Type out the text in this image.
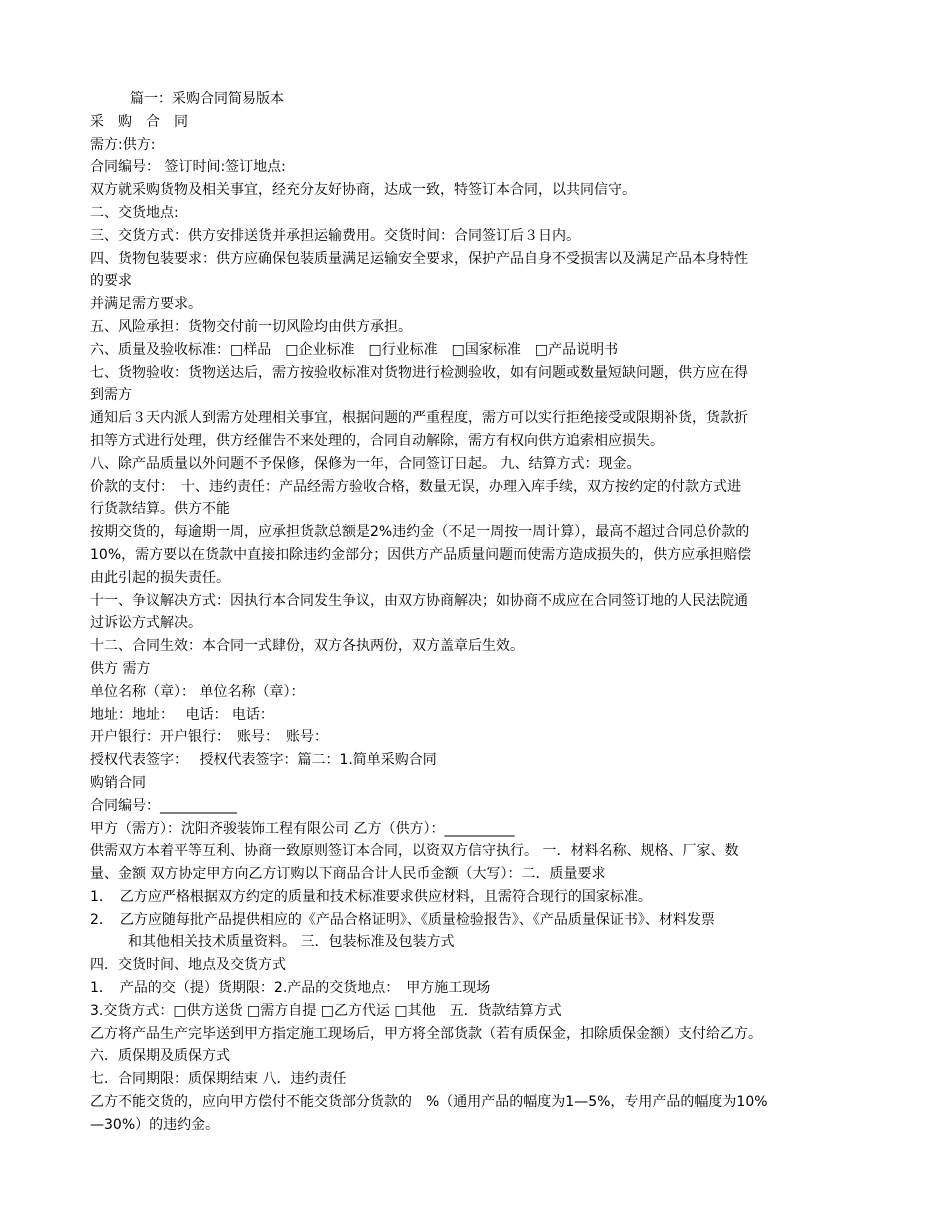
篇一：采购合同简易版本
采　购　合　同
需方:供方:
合同编号： 签订时间:签订地点:
双方就采购货物及相关事宜，经充分友好协商，达成一致，特签订本合同，以共同信守。
二、交货地点:
三、交货方式：供方安排送货并承担运输费用。交货时间：合同签订后３日内。
四、货物包装要求：供方应确保包装质量满足运输安全要求，保护产品自身不受损害以及满足产品本身特性
的要求
并满足需方要求。
五、风险承担：货物交付前一切风险均由供方承担。
六、质量及验收标准：□样品　□企业标准　□行业标准　□国家标准　□产品说明书
七、货物验收：货物送达后，需方按验收标准对货物进行检测验收，如有问题或数量短缺问题，供方应在得
到需方
通知后３天内派人到需方处理相关事宜，根据问题的严重程度，需方可以实行拒绝接受或限期补货，货款折
扣等方式进行处理，供方经催告不来处理的，合同自动解除，需方有权向供方追索相应损失。
八、除产品质量以外问题不予保修，保修为一年，合同签订日起。 九、结算方式：现金。
价款的支付：　十、违约责任：产品经需方验收合格，数量无误，办理入库手续，双方按约定的付款方式进
行货款结算。供方不能
按期交货的，每逾期一周，应承担货款总额是2%违约金（不足一周按一周计算），最高不超过合同总价款的
10%，需方要以在货款中直接扣除违约金部分；因供方产品质量问题而使需方造成损失的，供方应承担赔偿
由此引起的损失责任。
十一、争议解决方式：因执行本合同发生争议，由双方协商解决；如协商不成应在合同签订地的人民法院通
过诉讼方式解决。
十二、合同生效：本合同一式肆份，双方各执两份，双方盖章后生效。
供方 需方
单位名称（章）： 单位名称（章）：
地址：地址：　 电话： 电话：
开户银行：开户银行：　账号：　账号：
授权代表签字：　 授权代表签字：篇二：1.简单采购合同
购销合同
合同编号：___________
甲方（需方）：沈阳齐骏装饰工程有限公司 乙方（供方）：__________
供需双方本着平等互利、协商一致原则签订本合同，以资双方信守执行。 一．材料名称、规格、厂家、数
量、金额 双方协定甲方向乙方订购以下商品合计人民币金额（大写）：二．质量要求
1．　乙方应严格根据双方约定的质量和技术标准要求供应材料，且需符合现行的国家标准。
2．　乙方应随每批产品提供相应的《产品合格证明》、《质量检验报告》、《产品质量保证书》、材料发票
和其他相关技术质量资料。 三．包装标准及包装方式
四．交货时间、地点及交货方式
1．　产品的交（提）货期限：2.产品的交货地点：　甲方施工现场
3.交货方式：□供方送货 □需方自提 □乙方代运 □其他　五．货款结算方式
乙方将产品生产完毕送到甲方指定施工现场后，甲方将全部货款（若有质保金，扣除质保金额）支付给乙方。
六．质保期及质保方式
七．合同期限：质保期结束 八．违约责任
乙方不能交货的，应向甲方偿付不能交货部分货款的　%（通用产品的幅度为1—5%，专用产品的幅度为10%
—30%）的违约金。
